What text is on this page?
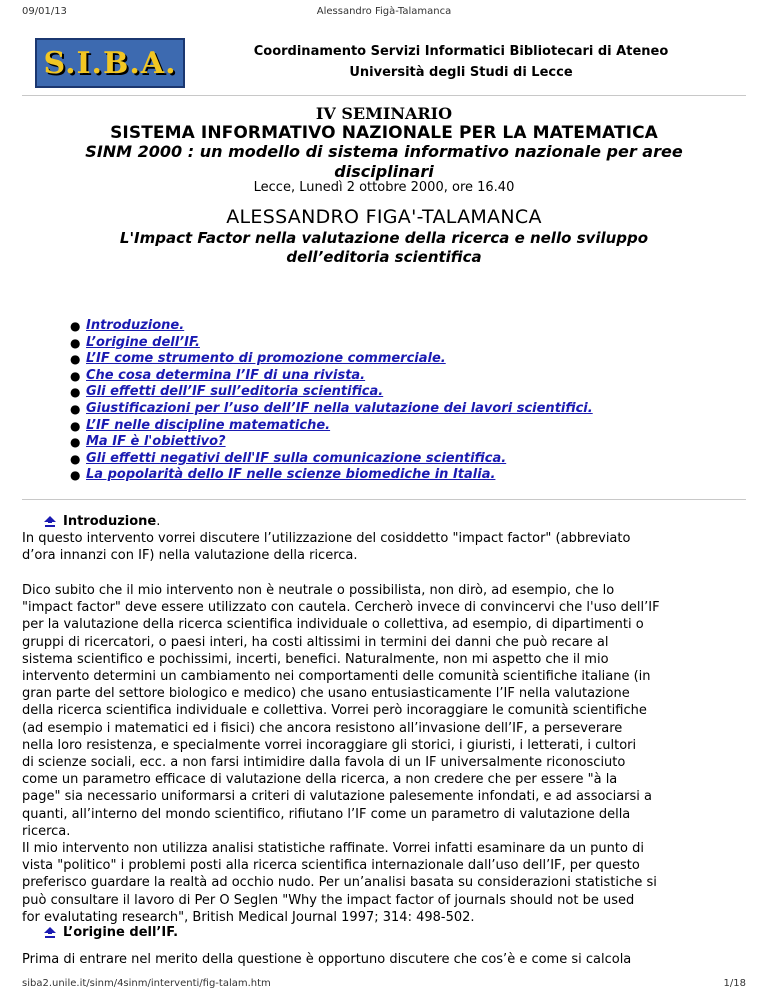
09/01/13	Alessandro Figà-Talamanca
S.I.B.A.	Coordinamento Servizi Informatici Bibliotecari di Ateneo
Università degli Studi di Lecce
IV SEMINARIO
SISTEMA INFORMATIVO NAZIONALE PER LA MATEMATICA
SINM 2000 : un modello di sistema informativo nazionale per aree
disciplinari
Lecce, Lunedì 2 ottobre 2000, ore 16.40
ALESSANDRO FIGA'-TALAMANCA
L'Impact Factor nella valutazione della ricerca e nello sviluppo
dell’editoria scientifica
● Introduzione.
● L’origine dell’IF.
● L’IF come strumento di promozione commerciale.
● Che cosa determina l’IF di una rivista.
● Gli effetti dell’IF sull’editoria scientifica.
● Giustificazioni per l’uso dell’IF nella valutazione dei lavori scientifici.
● L’IF nelle discipline matematiche.
● Ma IF è l'obiettivo?
● Gli effetti negativi dell'IF sulla comunicazione scientifica.
● La popolarità dello IF nelle scienze biomediche in Italia.
Introduzione .

In questo intervento vorrei discutere l’utilizzazione del cosiddetto "impact factor" (abbreviato

d’ora innanzi con IF) nella valutazione della ricerca.

Dico subito che il mio intervento non è neutrale o possibilista, non dirò, ad esempio, che lo

"impact factor" deve essere utilizzato con cautela. Cercherò invece di convincervi che l'uso dell’IF

per la valutazione della ricerca scientifica individuale o collettiva, ad esempio, di dipartimenti o

gruppi di ricercatori, o paesi interi, ha costi altissimi in termini dei danni che può recare al

sistema scientifico e pochissimi, incerti, benefici. Naturalmente, non mi aspetto che il mio

intervento determini un cambiamento nei comportamenti delle comunità scientifiche italiane (in

gran parte del settore biologico e medico) che usano entusiasticamente l’IF nella valutazione

della ricerca scientifica individuale e collettiva. Vorrei però incoraggiare le comunità scientifiche

(ad esempio i matematici ed i fisici) che ancora resistono all’invasione dell’IF, a perseverare

nella loro resistenza, e specialmente vorrei incoraggiare gli storici, i giuristi, i letterati, i cultori

di scienze sociali, ecc. a non farsi intimidire dalla favola di un IF universalmente riconosciuto

come un parametro efficace di valutazione della ricerca, a non credere che per essere "à la

page" sia necessario uniformarsi a criteri di valutazione palesemente infondati, e ad associarsi a

quanti, all’interno del mondo scientifico, rifiutano l’IF come un parametro di valutazione della

ricerca.

Il mio intervento non utilizza analisi statistiche raffinate. Vorrei infatti esaminare da un punto di

vista "politico" i problemi posti alla ricerca scientifica internazionale dall’uso dell’IF, per questo

preferisco guardare la realtà ad occhio nudo. Per un’analisi basata su considerazioni statistiche si

può consultare il lavoro di Per O Seglen "Why the impact factor of journals should not be used

for evalutating research", British Medical Journal 1997; 314: 498-502.

L’origine dell’IF.

Prima di entrare nel merito della questione è opportuno discutere che cos’è e come si calcola

siba2.unile.it/sinm/4sinm/interventi/fig-talam.htm	1/18
